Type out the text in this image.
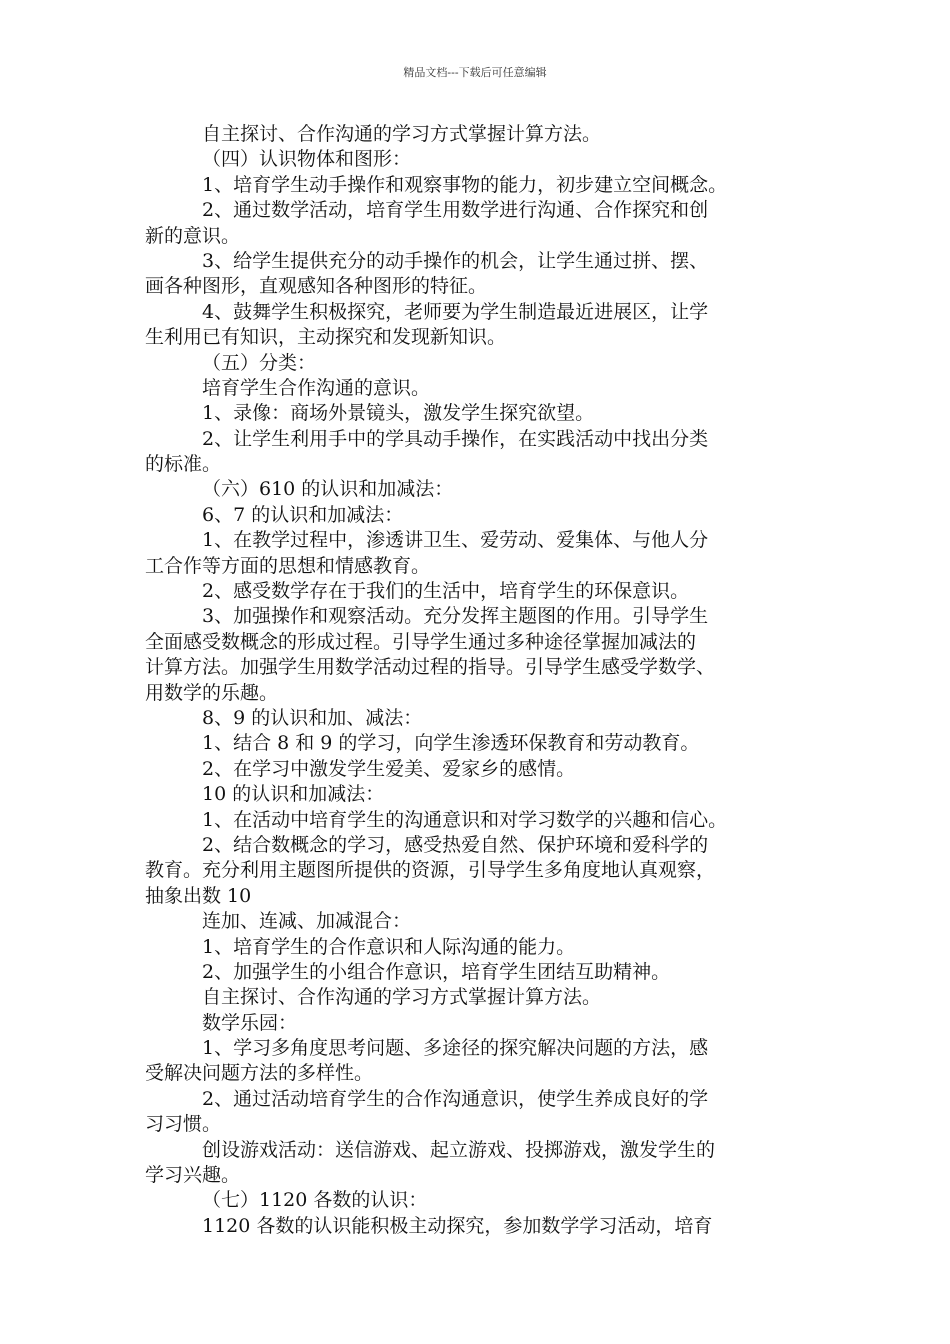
精品文档---下载后可任意编辑
自主探讨、合作沟通的学习方式掌握计算方法。
（四）认识物体和图形：
1、培育学生动手操作和观察事物的能力，初步建立空间概念。
2、通过数学活动，培育学生用数学进行沟通、合作探究和创
新的意识。
3、给学生提供充分的动手操作的机会，让学生通过拼、摆、
画各种图形，直观感知各种图形的特征。
4、鼓舞学生积极探究，老师要为学生制造最近进展区，让学
生利用已有知识，主动探究和发现新知识。
（五）分类：
培育学生合作沟通的意识。
1、录像：商场外景镜头，激发学生探究欲望。
2、让学生利用手中的学具动手操作，在实践活动中找出分类
的标准。
（六）610 的认识和加减法：
6、7 的认识和加减法：
1、在教学过程中，渗透讲卫生、爱劳动、爱集体、与他人分
工合作等方面的思想和情感教育。
2、感受数学存在于我们的生活中，培育学生的环保意识。
3、加强操作和观察活动。充分发挥主题图的作用。引导学生
全面感受数概念的形成过程。引导学生通过多种途径掌握加减法的
计算方法。加强学生用数学活动过程的指导。引导学生感受学数学、
用数学的乐趣。
8、9 的认识和加、减法：
1、结合 8 和 9 的学习，向学生渗透环保教育和劳动教育。
2、在学习中激发学生爱美、爱家乡的感情。
10 的认识和加减法：
1、在活动中培育学生的沟通意识和对学习数学的兴趣和信心。
2、结合数概念的学习，感受热爱自然、保护环境和爱科学的
教育。充分利用主题图所提供的资源，引导学生多角度地认真观察，
抽象出数 10
连加、连减、加减混合：
1、培育学生的合作意识和人际沟通的能力。
2、加强学生的小组合作意识，培育学生团结互助精神。
自主探讨、合作沟通的学习方式掌握计算方法。
数学乐园：
1、学习多角度思考问题、多途径的探究解决问题的方法，感
受解决问题方法的多样性。
2、通过活动培育学生的合作沟通意识，使学生养成良好的学
习习惯。
创设游戏活动：送信游戏、起立游戏、投掷游戏，激发学生的
学习兴趣。
（七）1120 各数的认识：
1120 各数的认识能积极主动探究，参加数学学习活动，培育
